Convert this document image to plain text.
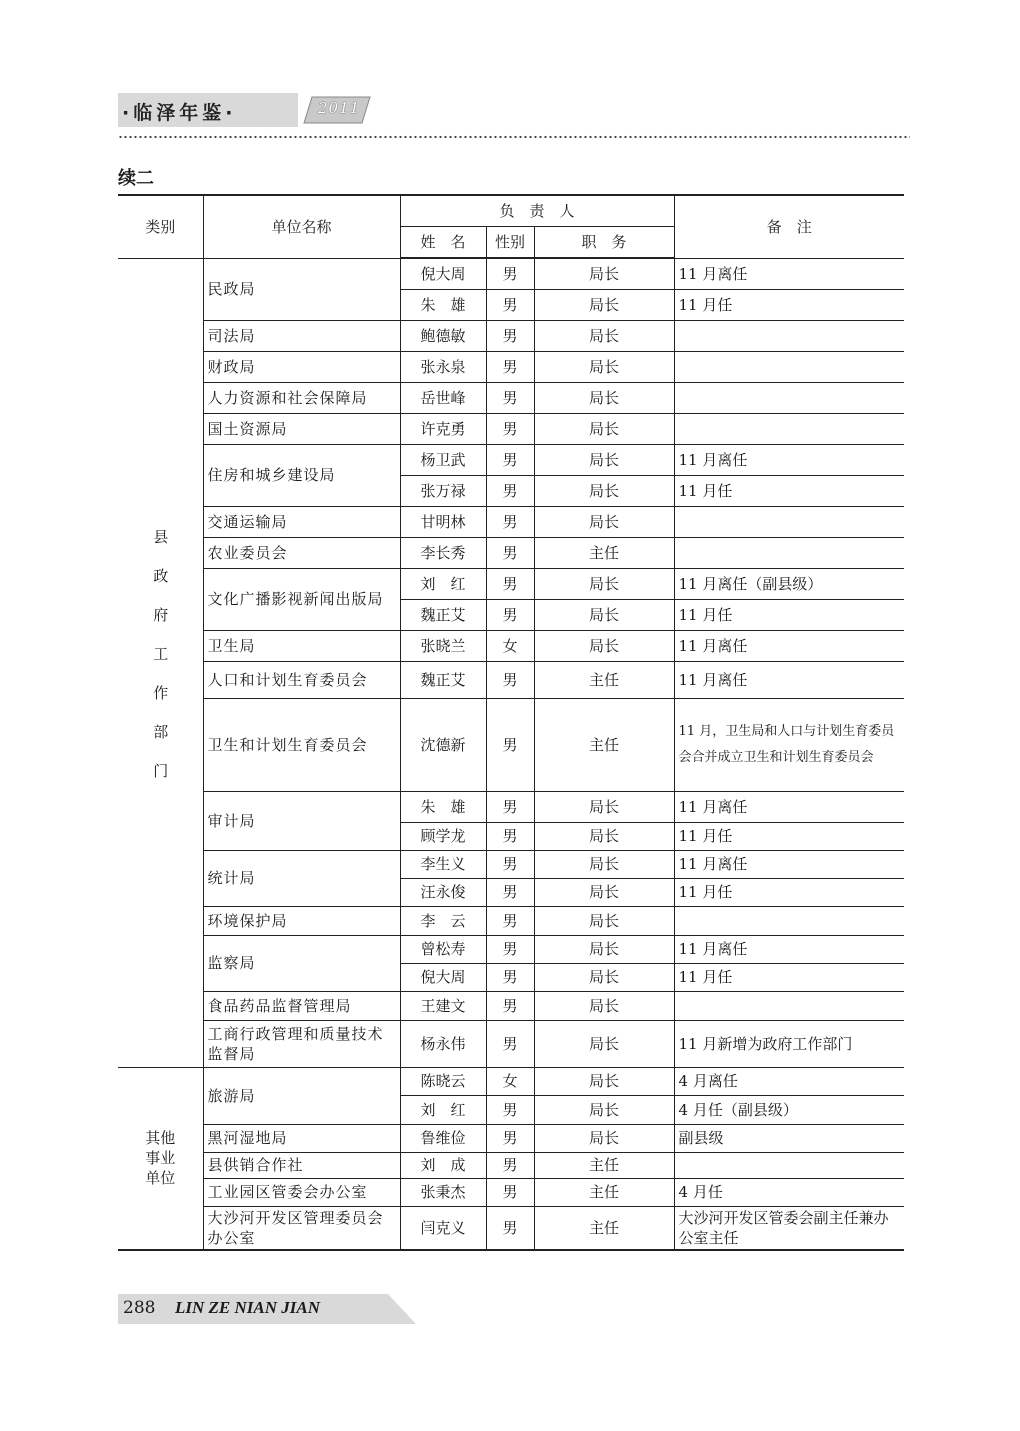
·临泽年鉴·	2011
续二
类别	单位名称	负　责　人			备　注
		姓　名	性别	职　务	
县政府工作部门	民政局	倪大周	男	局长	11 月离任
		朱　雄	男	局长	11 月任
	司法局	鲍德敏	男	局长	
	财政局	张永泉	男	局长	
	人力资源和社会保障局	岳世峰	男	局长	
	国土资源局	许克勇	男	局长	
	住房和城乡建设局	杨卫武	男	局长	11 月离任
		张万禄	男	局长	11 月任
	交通运输局	甘明林	男	局长	
	农业委员会	李长秀	男	主任	
	文化广播影视新闻出版局	刘　红	男	局长	11 月离任（副县级）
		魏正艾	男	局长	11 月任
	卫生局	张晓兰	女	局长	11 月离任
	人口和计划生育委员会	魏正艾	男	主任	11 月离任
	卫生和计划生育委员会	沈德新	男	主任	11 月，卫生局和人口与计划生育委员会合并成立卫生和计划生育委员会
	审计局	朱　雄	男	局长	11 月离任
		顾学龙	男	局长	11 月任
	统计局	李生义	男	局长	11 月离任
		汪永俊	男	局长	11 月任
	环境保护局	李　云	男	局长	
	监察局	曾松寿	男	局长	11 月离任
		倪大周	男	局长	11 月任
	食品药品监督管理局	王建文	男	局长	
	工商行政管理和质量技术监督局	杨永伟	男	局长	11 月新增为政府工作部门
其他事业单位	旅游局	陈晓云	女	局长	4 月离任
		刘　红	男	局长	4 月任（副县级）
	黑河湿地局	鲁维俭	男	局长	副县级
	县供销合作社	刘　成	男	主任	
	工业园区管委会办公室	张秉杰	男	主任	4 月任
	大沙河开发区管理委员会办公室	闫克义	男	主任	大沙河开发区管委会副主任兼办公室主任
288 LIN ZE NIAN JIAN
